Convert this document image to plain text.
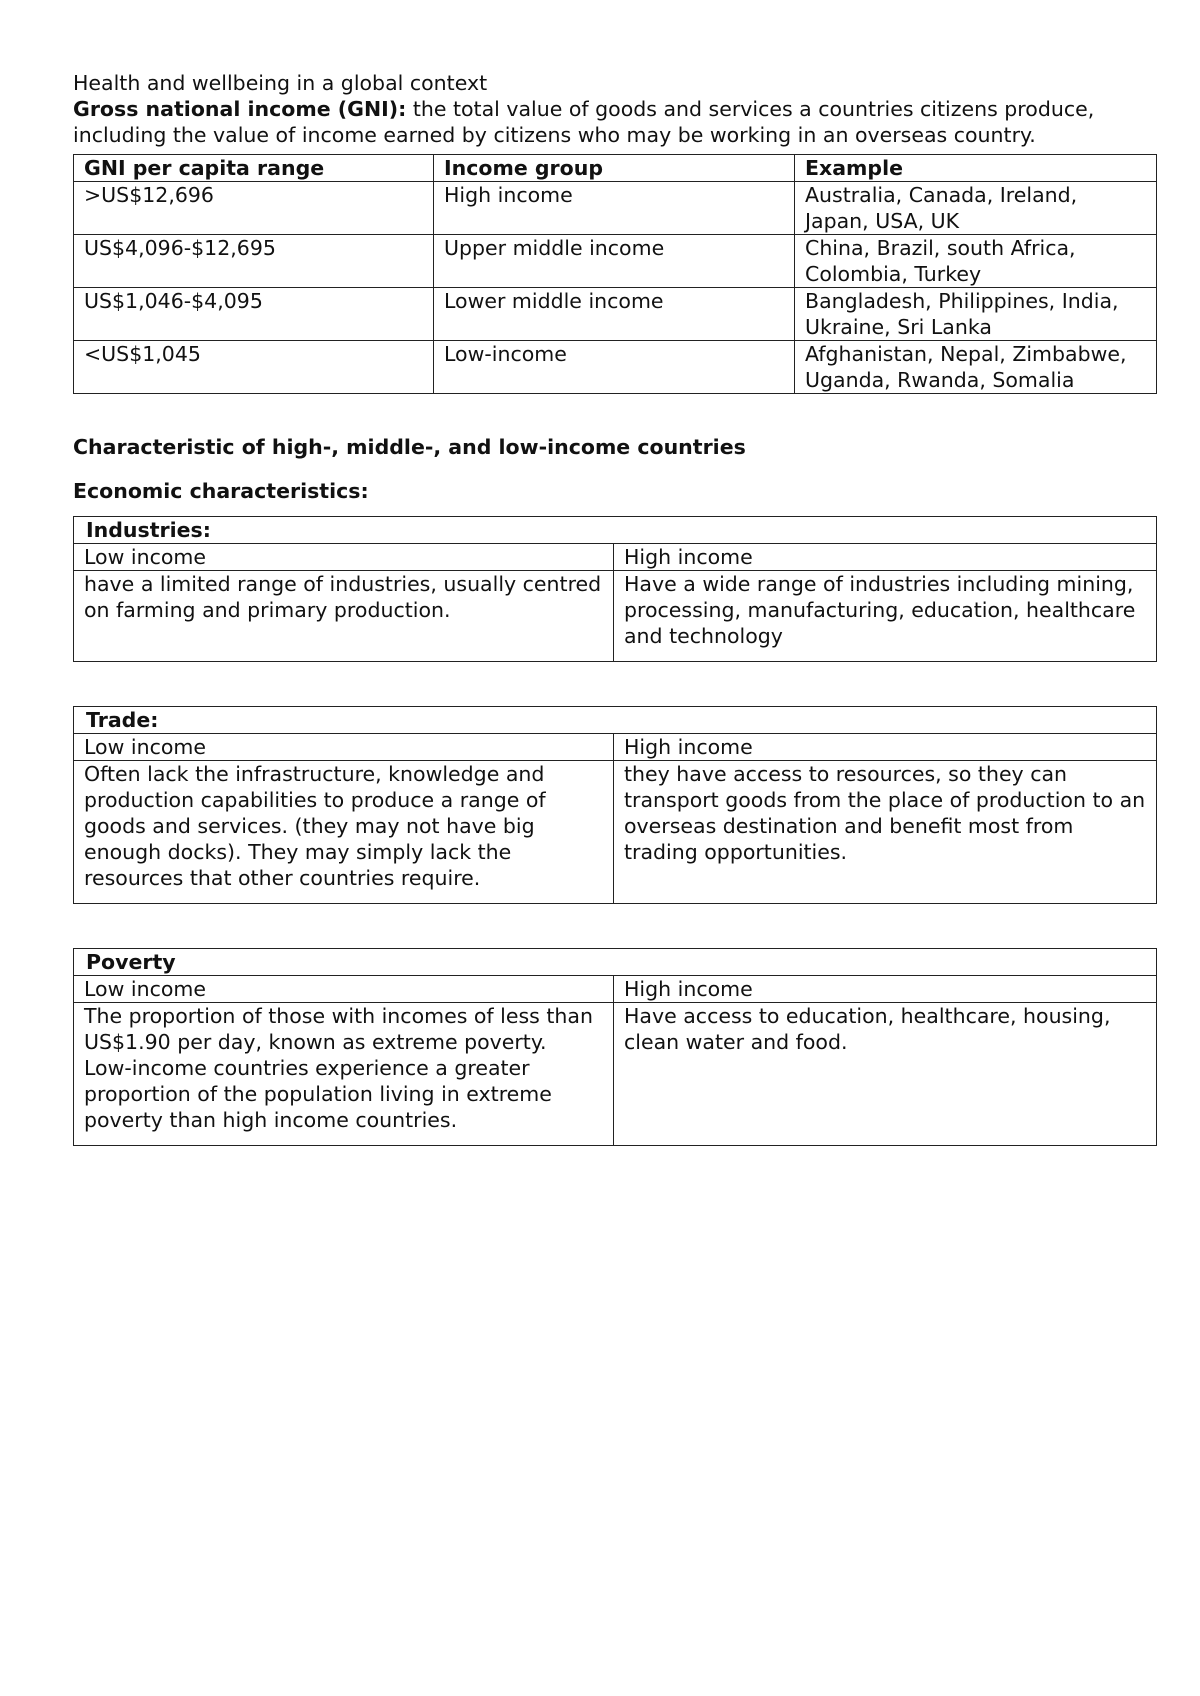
Health and wellbeing in a global context

Gross national income (GNI): the total value of goods and services a countries citizens produce, including the value of income earned by citizens who may be working in an overseas country.

GNI per capita range	Income group	Example
>US$12,696	High income	Australia, Canada, Ireland, Japan, USA, UK
US$4,096-$12,695	Upper middle income	China, Brazil, south Africa, Colombia, Turkey
US$1,046-$4,095	Lower middle income	Bangladesh, Philippines, India, Ukraine, Sri Lanka
<US$1,045	Low-income	Afghanistan, Nepal, Zimbabwe, Uganda, Rwanda, Somalia

Characteristic of high-, middle-, and low-income countries

Economic characteristics:

Industries:	
Low income	High income

have a limited range of industries, usually centred on farming and primary production.	Have a wide range of industries including mining, processing, manufacturing, education, healthcare and technology
Trade:	
Low income	High income

Often lack the infrastructure, knowledge and production capabilities to produce a range of goods and services. (they may not have big enough docks). They may simply lack the resources that other countries require.	they have access to resources, so they can transport goods from the place of production to an overseas destination and benefit most from trading opportunities.
Poverty	
Low income	High income

The proportion of those with incomes of less than US$1.90 per day, known as extreme poverty.
Low-income countries experience a greater proportion of the population living in extreme poverty than high income countries.	Have access to education, healthcare, housing, clean water and food.
